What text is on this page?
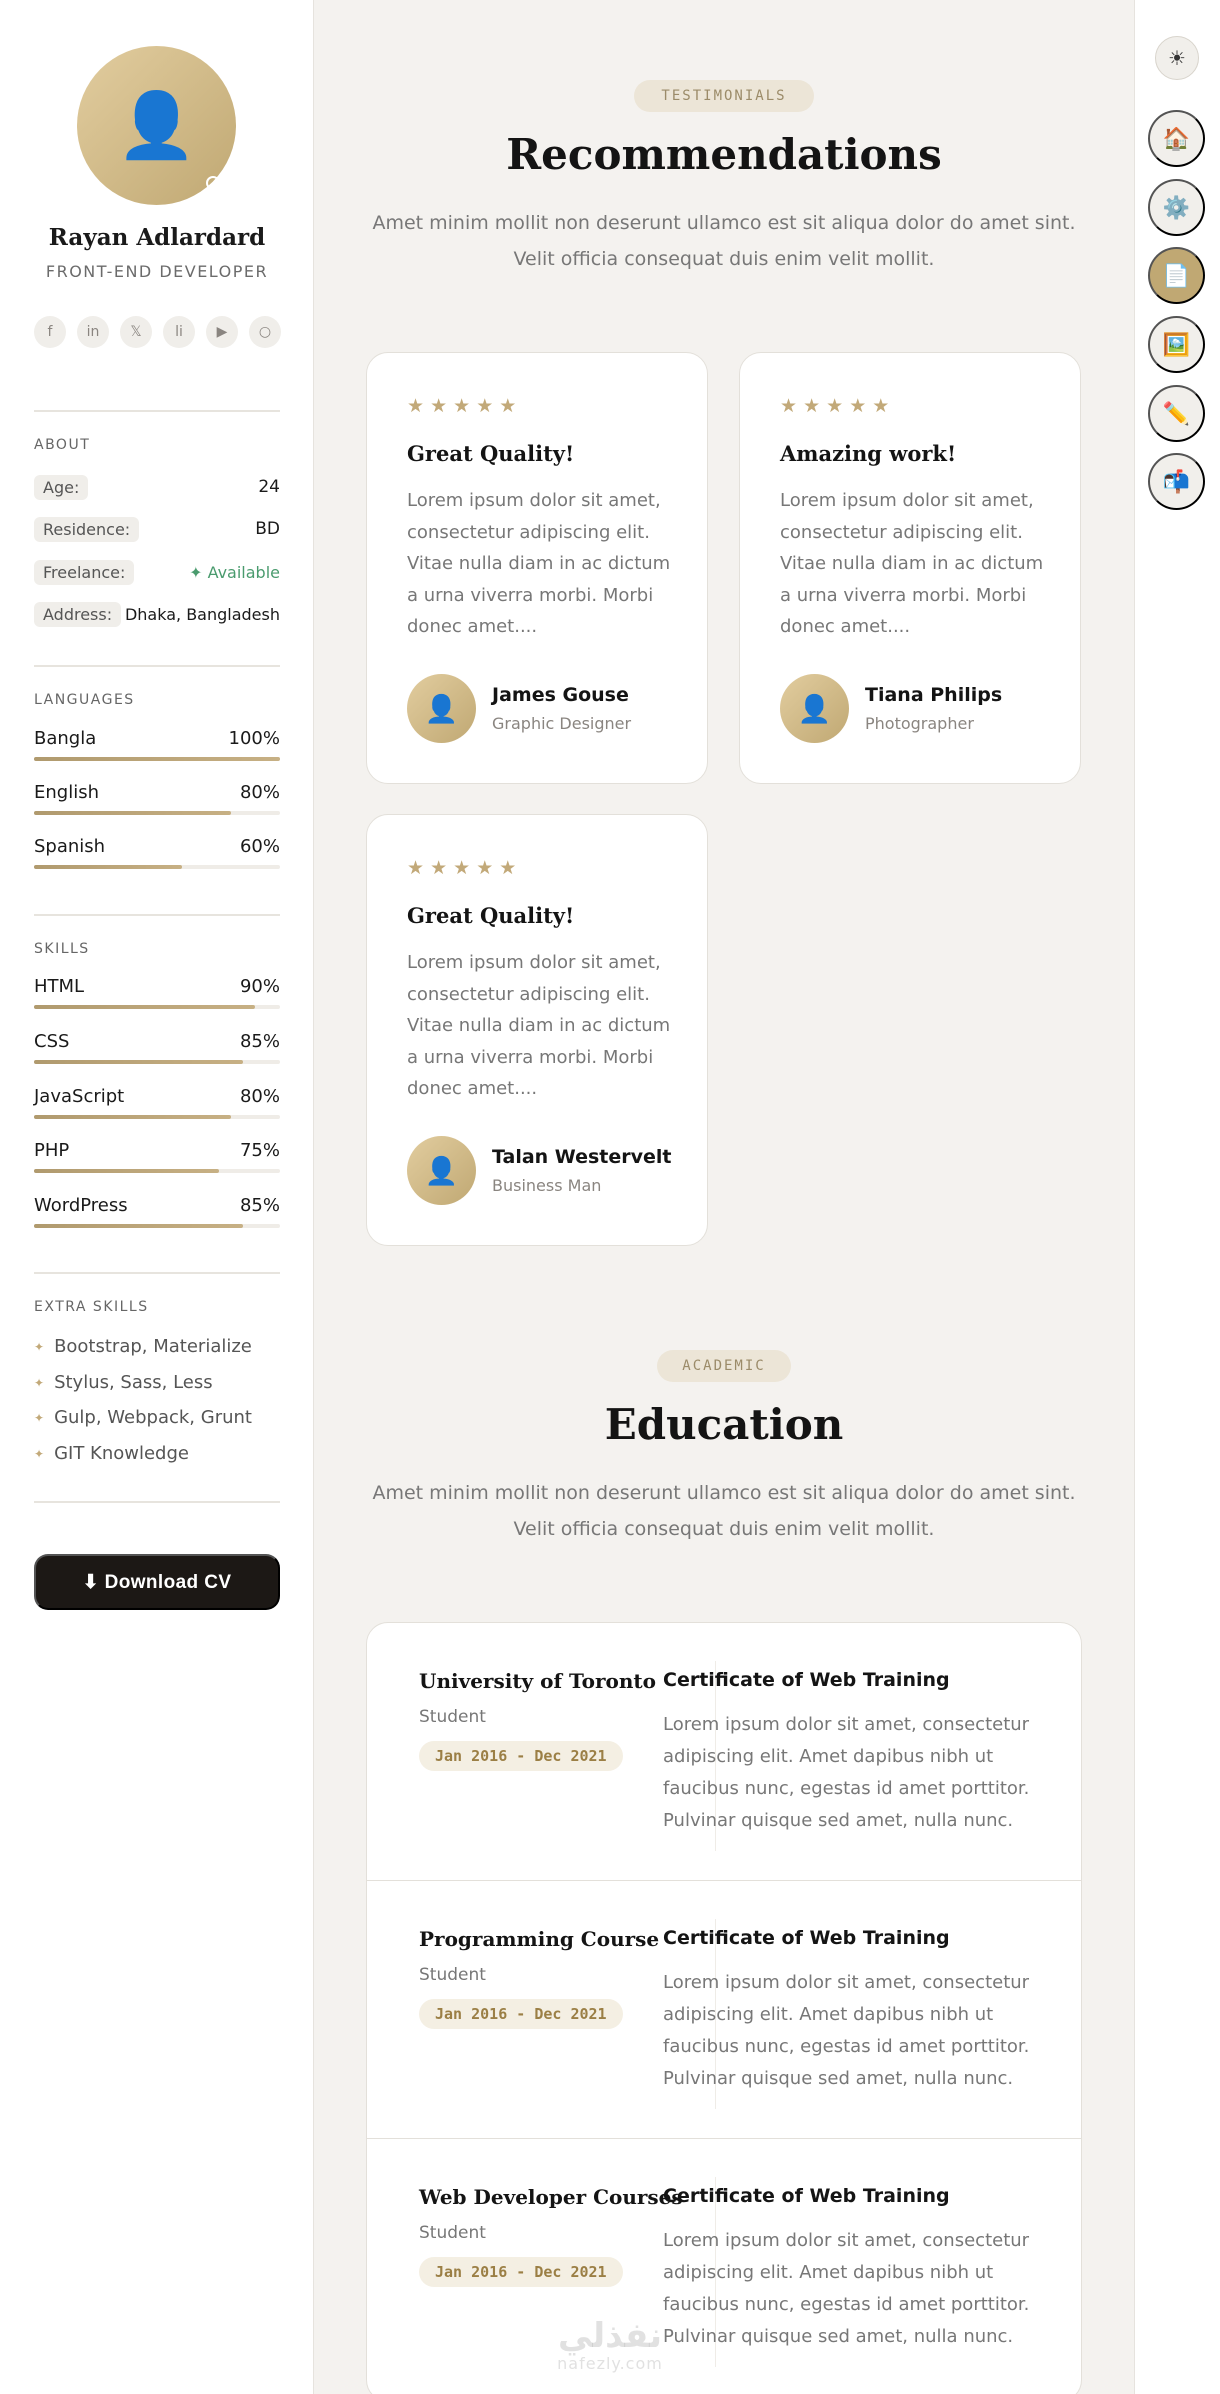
👤
Rayan Adlardard
FRONT-END DEVELOPER
f	in	𝕏	li	▶	○
ABOUT
Age:	24
Residence:	BD
Freelance:	✦ Available
Address: Dhaka, Bangladesh
LANGUAGES
Bangla	100%
English	80%
Spanish	60%
SKILLS
HTML	90%
CSS	85%
JavaScript	80%
PHP	75%
WordPress	85%
EXTRA SKILLS
✦ Bootstrap, Materialize
✦ Stylus, Sass, Less
✦ Gulp, Webpack, Grunt
✦ GIT Knowledge
⬇ Download CV
☀
🏠
⚙️
📄
🖼️
✏️
📬
TESTIMONIALS
Recommendations
Amet minim mollit non deserunt ullamco est sit aliqua dolor do amet sint.
Velit officia consequat duis enim velit mollit.
★ ★ ★ ★ ★
Great Quality!
Lorem ipsum dolor sit amet, consectetur adipiscing elit. Vitae nulla diam in ac dictum a urna viverra morbi. Morbi donec amet....
👤 James Gouse
Graphic Designer
★ ★ ★ ★ ★
Amazing work!
Lorem ipsum dolor sit amet, consectetur adipiscing elit. Vitae nulla diam in ac dictum a urna viverra morbi. Morbi donec amet....
👤 Tiana Philips
Photographer
★ ★ ★ ★ ★
Great Quality!
Lorem ipsum dolor sit amet, consectetur adipiscing elit. Vitae nulla diam in ac dictum a urna viverra morbi. Morbi donec amet....
👤 Talan Westervelt
Business Man
ACADEMIC
Education
Amet minim mollit non deserunt ullamco est sit aliqua dolor do amet sint.
Velit officia consequat duis enim velit mollit.
University of Toronto
Student
Jan 2016 - Dec 2021
Certificate of Web Training
Lorem ipsum dolor sit amet, consectetur adipiscing elit. Amet dapibus nibh ut faucibus nunc, egestas id amet porttitor. Pulvinar quisque sed amet, nulla nunc.
Programming Course
Student
Jan 2016 - Dec 2021
Certificate of Web Training
Lorem ipsum dolor sit amet, consectetur adipiscing elit. Amet dapibus nibh ut faucibus nunc, egestas id amet porttitor. Pulvinar quisque sed amet, nulla nunc.
Web Developer Courses
Student
Jan 2016 - Dec 2021
Certificate of Web Training
Lorem ipsum dolor sit amet, consectetur adipiscing elit. Amet dapibus nibh ut faucibus nunc, egestas id amet porttitor. Pulvinar quisque sed amet, nulla nunc.
نفذلي
nafezly.com
